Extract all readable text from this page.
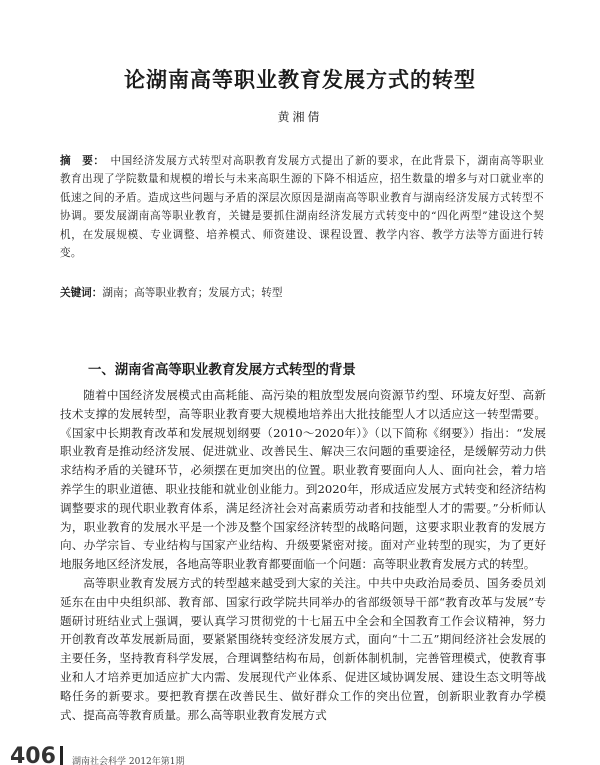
论湖南高等职业教育发展方式的转型
黄湘倩

摘　要： 中国经济发展方式转型对高职教育发展方式提出了新的要求，在此背景下，湖南高等职业教育出现了学院数量和规模的增长与未来高职生源的下降不相适应，招生数量的增多与对口就业率的低速之间的矛盾。造成这些问题与矛盾的深层次原因是湖南高等职业教育与湖南经济发展方式转型不协调。要发展湖南高等职业教育，关键是要抓住湖南经济发展方式转变中的“四化两型”建设这个契机，在发展规模、专业调整、培养模式、师资建设、课程设置、教学内容、教学方法等方面进行转变。

关键词：湖南；高等职业教育；发展方式；转型

一、湖南省高等职业教育发展方式转型的背景

随着中国经济发展模式由高耗能、高污染的粗放型发展向资源节约型、环境友好型、高新技术支撑的发展转型，高等职业教育要大规模地培养出大批技能型人才以适应这一转型需要。《国家中长期教育改革和发展规划纲要（2010～2020年）》（以下简称《纲要》）指出：“发展职业教育是推动经济发展、促进就业、改善民生、解决三农问题的重要途径，是缓解劳动力供求结构矛盾的关键环节，必须摆在更加突出的位置。职业教育要面向人人、面向社会，着力培养学生的职业道德、职业技能和就业创业能力。到2020年，形成适应发展方式转变和经济结构调整要求的现代职业教育体系，满足经济社会对高素质劳动者和技能型人才的需要。”分析师认为，职业教育的发展水平是一个涉及整个国家经济转型的战略问题，这要求职业教育的发展方向、办学宗旨、专业结构与国家产业结构、升级要紧密对接。面对产业转型的现实，为了更好地服务地区经济发展，各地高等职业教育都要面临一个问题：高等职业教育发展方式的转型。

高等职业教育发展方式的转型越来越受到大家的关注。中共中央政治局委员、国务委员刘延东在由中央组织部、教育部、国家行政学院共同举办的省部级领导干部“教育改革与发展”专题研讨班结业式上强调，要认真学习贯彻党的十七届五中全会和全国教育工作会议精神，努力开创教育改革发展新局面，要紧紧围绕转变经济发展方式，面向“十二五”期间经济社会发展的主要任务，坚持教育科学发展，合理调整结构布局，创新体制机制，完善管理模式，使教育事业和人才培养更加适应扩大内需、发展现代产业体系、促进区域协调发展、建设生态文明等战略任务的新要求。要把教育摆在改善民生、做好群众工作的突出位置，创新职业教育办学模式、提高高等教育质量。那么高等职业教育发展方式

406 湖南社会科学 2012年第1期
